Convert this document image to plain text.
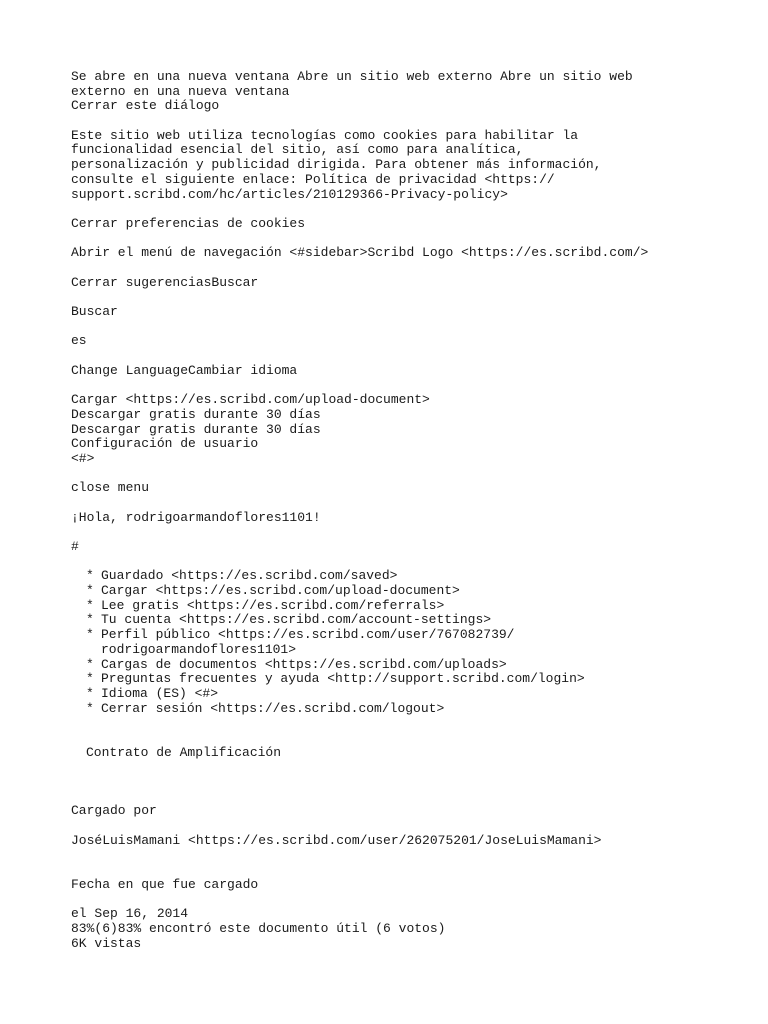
Se abre en una nueva ventana Abre un sitio web externo Abre un sitio web
externo en una nueva ventana
Cerrar este diálogo
Este sitio web utiliza tecnologías como cookies para habilitar la
funcionalidad esencial del sitio, así como para analítica,
personalización y publicidad dirigida. Para obtener más información,
consulte el siguiente enlace: Política de privacidad <https://
support.scribd.com/hc/articles/210129366-Privacy-policy>
Cerrar preferencias de cookies
Abrir el menú de navegación <#sidebar>Scribd Logo <https://es.scribd.com/>
Cerrar sugerenciasBuscar
Buscar
es
Change LanguageCambiar idioma
Cargar <https://es.scribd.com/upload-document>
Descargar gratis durante 30 días
Descargar gratis durante 30 días
Configuración de usuario
<#>
close menu
¡Hola, rodrigoarmandoflores1101!
#
* Guardado <https://es.scribd.com/saved>
* Cargar <https://es.scribd.com/upload-document>
* Lee gratis <https://es.scribd.com/referrals>
* Tu cuenta <https://es.scribd.com/account-settings>
* Perfil público <https://es.scribd.com/user/767082739/
rodrigoarmandoflores1101>
* Cargas de documentos <https://es.scribd.com/uploads>
* Preguntas frecuentes y ayuda <http://support.scribd.com/login>
* Idioma (ES) <#>
* Cerrar sesión <https://es.scribd.com/logout>
Contrato de Amplificación
Cargado por
JoséLuisMamani <https://es.scribd.com/user/262075201/JoseLuisMamani>
Fecha en que fue cargado
el Sep 16, 2014
83%(6)83% encontró este documento útil (6 votos)
6K vistas
